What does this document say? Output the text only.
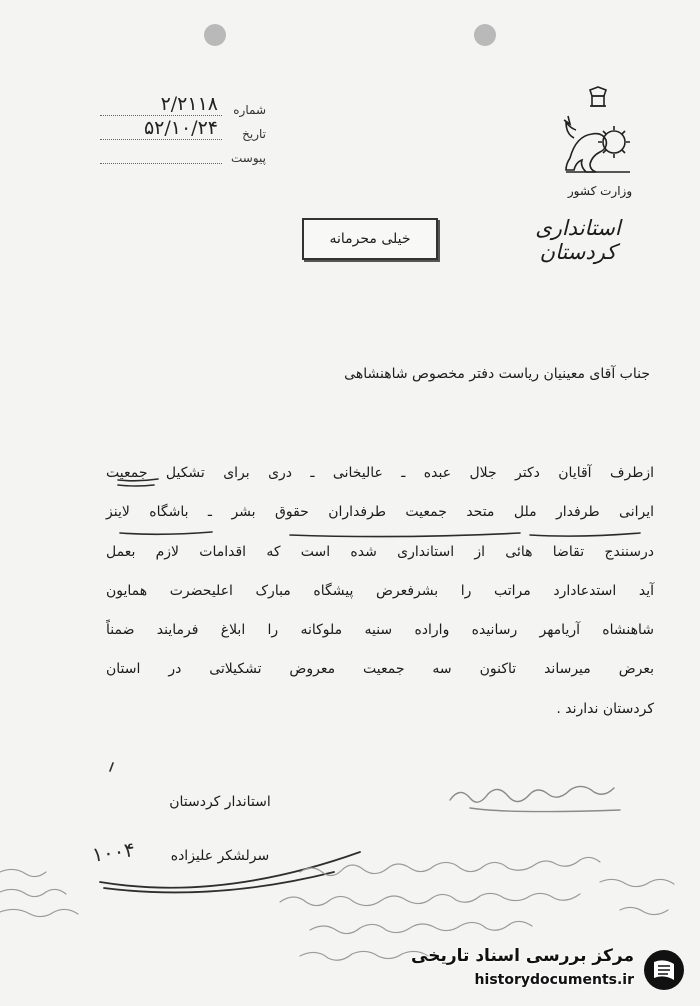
شماره
۲/۲۱۱۸
تاریخ
۵۲/۱۰/۲۴
پیوست
وزارت کشور
استانداری کردستان
خیلی محرمانه
جناب آقای معینیان ریاست دفتر مخصوص شاهنشاهی
ازطرف آقایان دکتر جلال عبده ـ عالیخانی ـ دری برای تشکیل جمعیت
ایرانی طرفدار ملل متحد جمعیت طرفداران حقوق بشر ـ باشگاه لاینز
درسنندج تقاضا هائی از استانداری شده است که اقدامات لازم بعمل
آید استدعادارد مراتب را بشرفعرض پیشگاه مبارک اعلیحضرت همایون
شاهنشاه آریامهر رسانیده واراده سنیه ملوکانه را ابلاغ فرمایند ضمناً
بعرض میرساند تاکنون سه جمعیت معروض تشکیلاتی در استان
کردستان ندارند .
استاندار کردستان
سرلشکر علیزاده
۱۰۰۴
مرکز بررسی اسناد تاریخی
historydocuments.ir
